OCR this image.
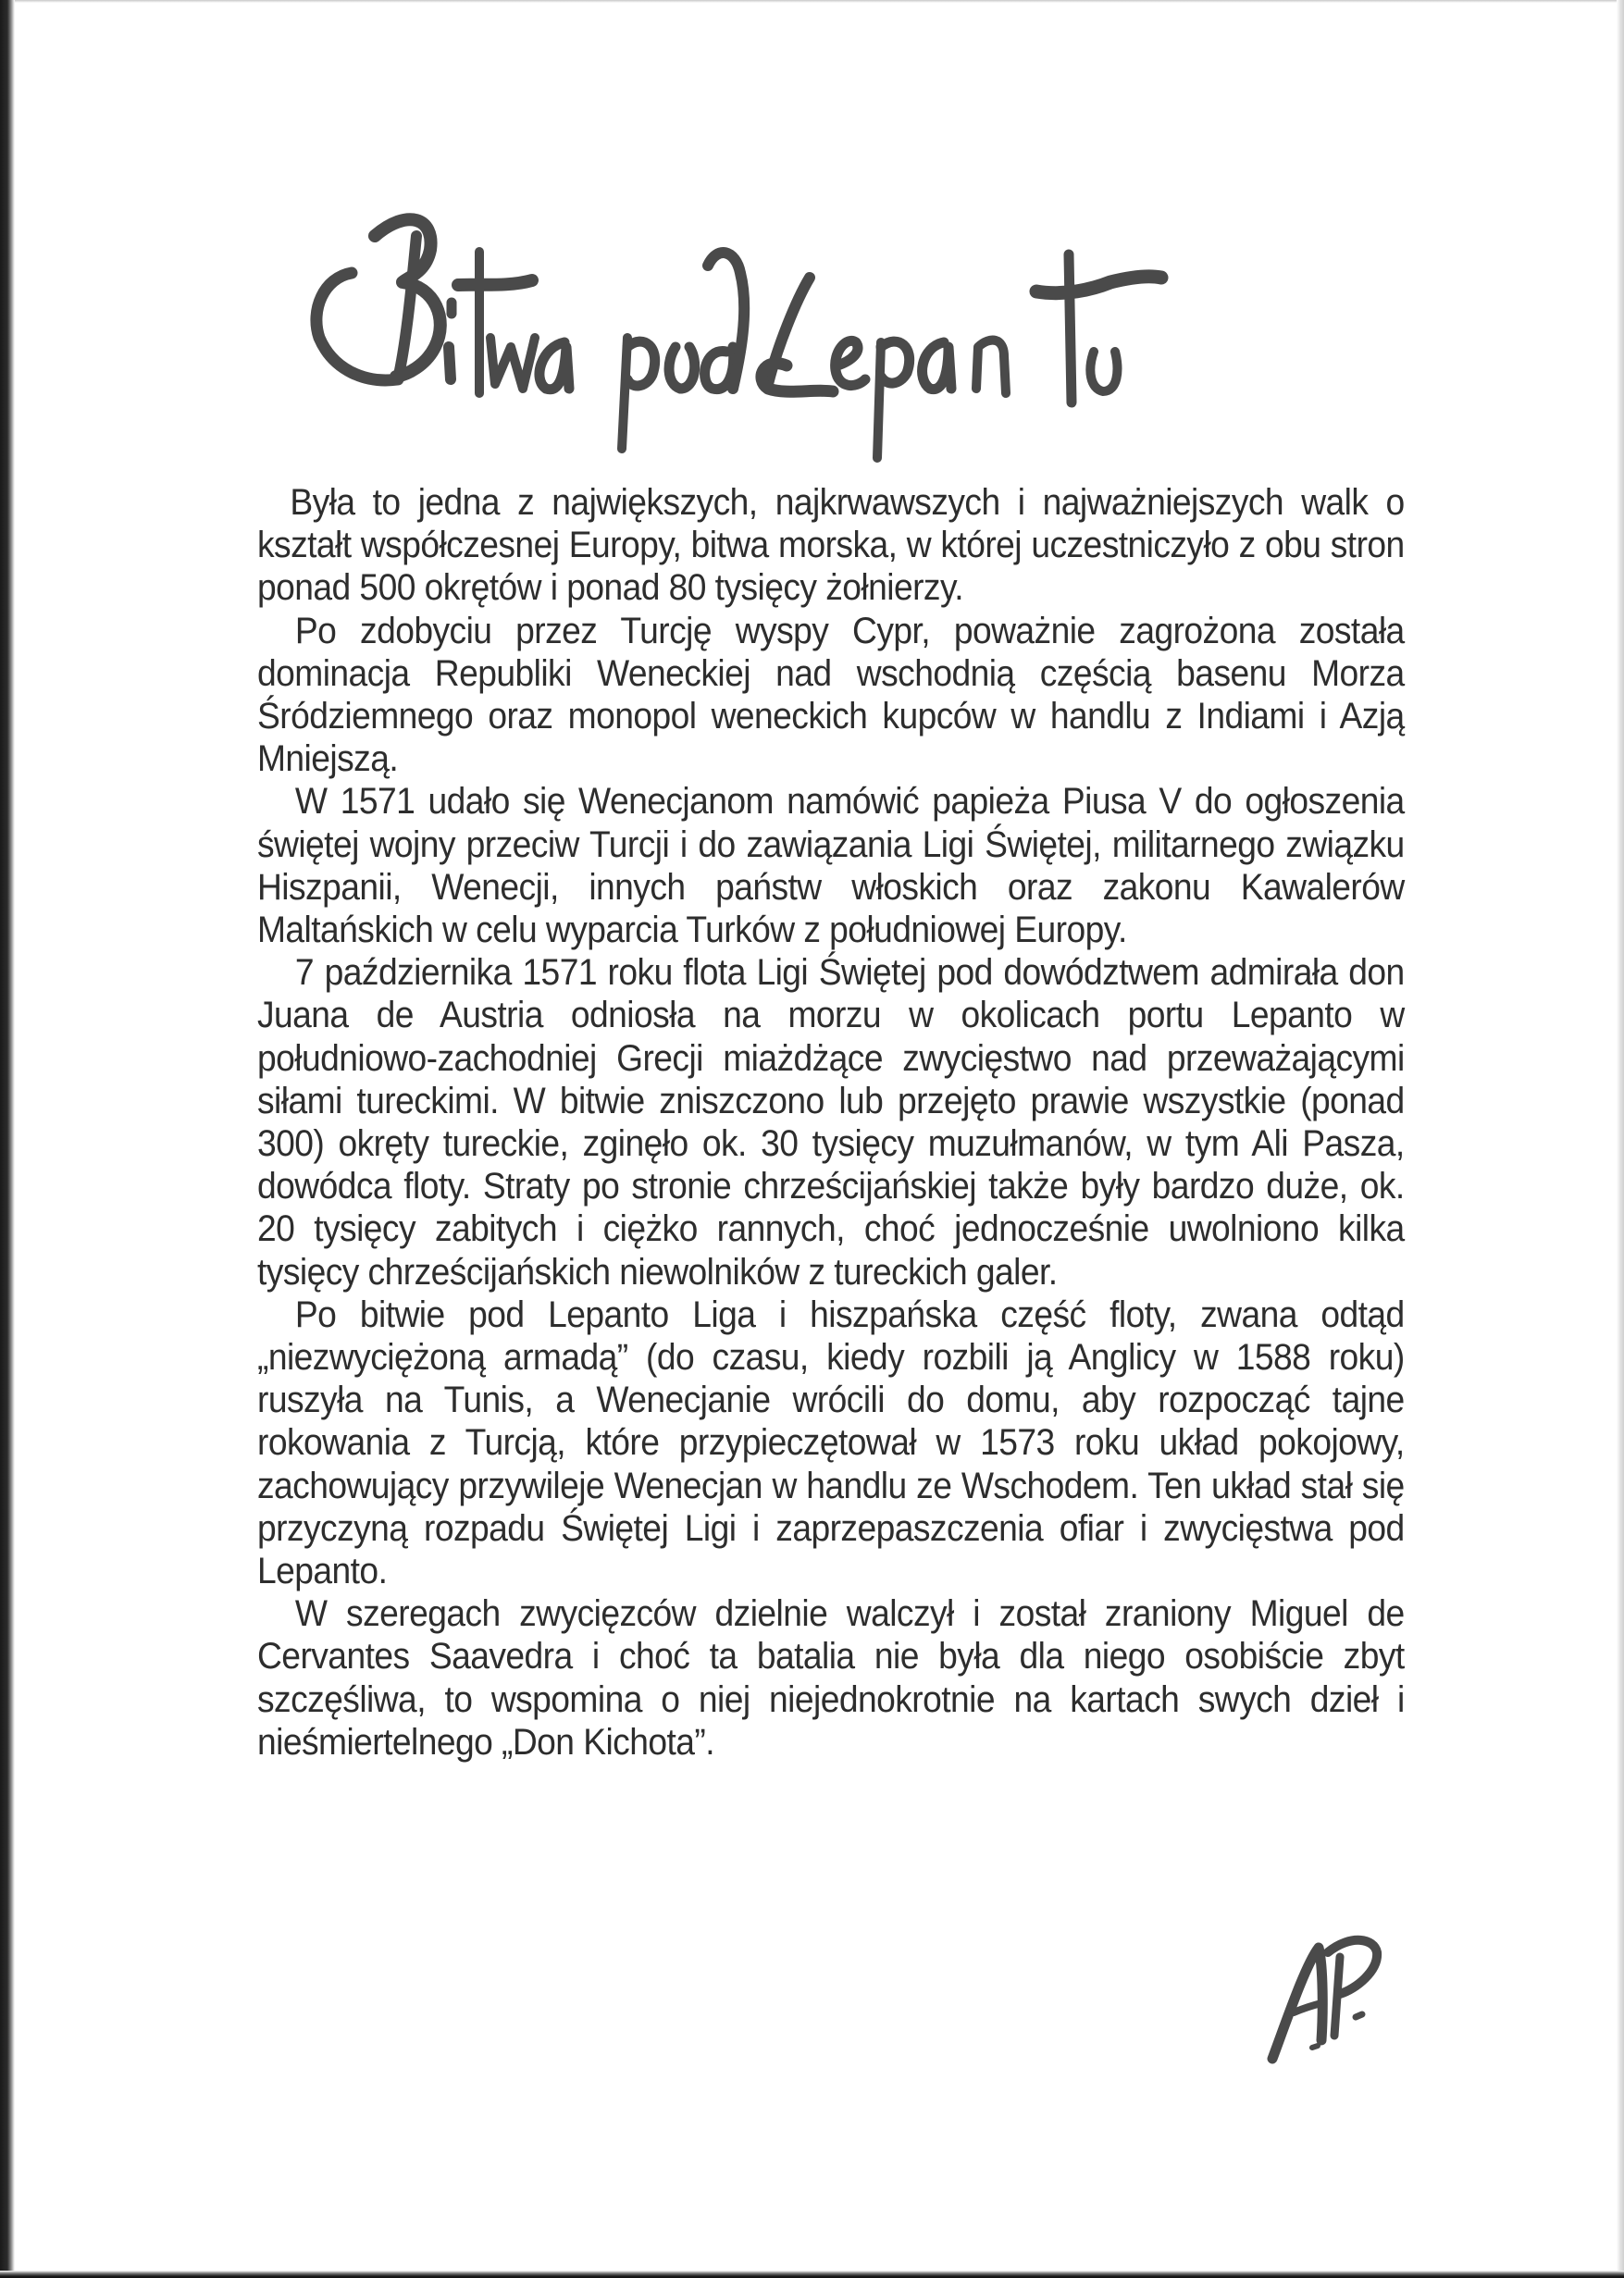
Była to jedna z największych, najkrwawszych i najważniejszych walk o kształt współczesnej Europy, bitwa morska, w której uczestniczyło z obu stron ponad 500 okrętów i ponad 80 tysięcy żołnierzy.

Po zdobyciu przez Turcję wyspy Cypr, poważnie zagrożona została dominacja Republiki Weneckiej nad wschodnią częścią basenu Morza Śródziemnego oraz monopol weneckich kupców w handlu z Indiami i Azją Mniejszą.

W 1571 udało się Wenecjanom namówić papieża Piusa V do ogłoszenia świętej wojny przeciw Turcji i do zawiązania Ligi Świętej, militarnego związku Hiszpanii, Wenecji, innych państw włoskich oraz zakonu Kawalerów Maltańskich w celu wyparcia Turków z południowej Europy.

7 października 1571 roku flota Ligi Świętej pod dowództwem admirała don Juana de Austria odniosła na morzu w okolicach portu Lepanto w południowo-zachodniej Grecji miażdżące zwycięstwo nad przeważającymi siłami tureckimi. W bitwie zniszczono lub przejęto prawie wszystkie (ponad 300) okręty tureckie, zginęło ok. 30 tysięcy muzułmanów, w tym Ali Pasza, dowódca floty. Straty po stronie chrześcijańskiej także były bardzo duże, ok. 20 tysięcy zabitych i ciężko rannych, choć jednocześnie uwolniono kilka tysięcy chrześcijańskich niewolników z tureckich galer.

Po bitwie pod Lepanto Liga i hiszpańska część floty, zwana odtąd „niezwyciężoną armadą” (do czasu, kiedy rozbili ją Anglicy w 1588 roku) ruszyła na Tunis, a Wenecjanie wrócili do domu, aby rozpocząć tajne rokowania z Turcją, które przypieczętował w 1573 roku układ pokojowy, zachowujący przywileje Wenecjan w handlu ze Wschodem. Ten układ stał się przyczyną rozpadu Świętej Ligi i zaprzepaszczenia ofiar i zwycięstwa pod Lepanto.

W szeregach zwycięzców dzielnie walczył i został zraniony Miguel de Cervantes Saavedra i choć ta batalia nie była dla niego osobiście zbyt szczęśliwa, to wspomina o niej niejednokrotnie na kartach swych dzieł i nieśmiertelnego „Don Kichota”.
